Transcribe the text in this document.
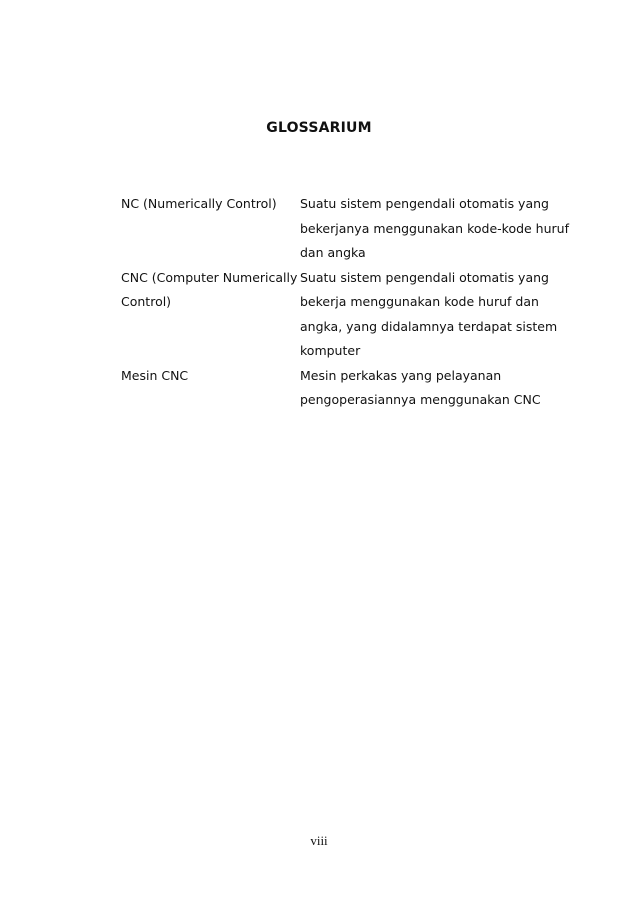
GLOSSARIUM
NC (Numerically Control)	Suatu sistem pengendali otomatis yang
bekerjanya menggunakan kode-kode huruf
dan angka
CNC (Computer Numerically
Control)
Suatu sistem pengendali otomatis yang
bekerja menggunakan kode huruf dan
angka, yang didalamnya terdapat sistem
komputer
Mesin CNC	Mesin perkakas yang pelayanan
pengoperasiannya menggunakan CNC
viii
